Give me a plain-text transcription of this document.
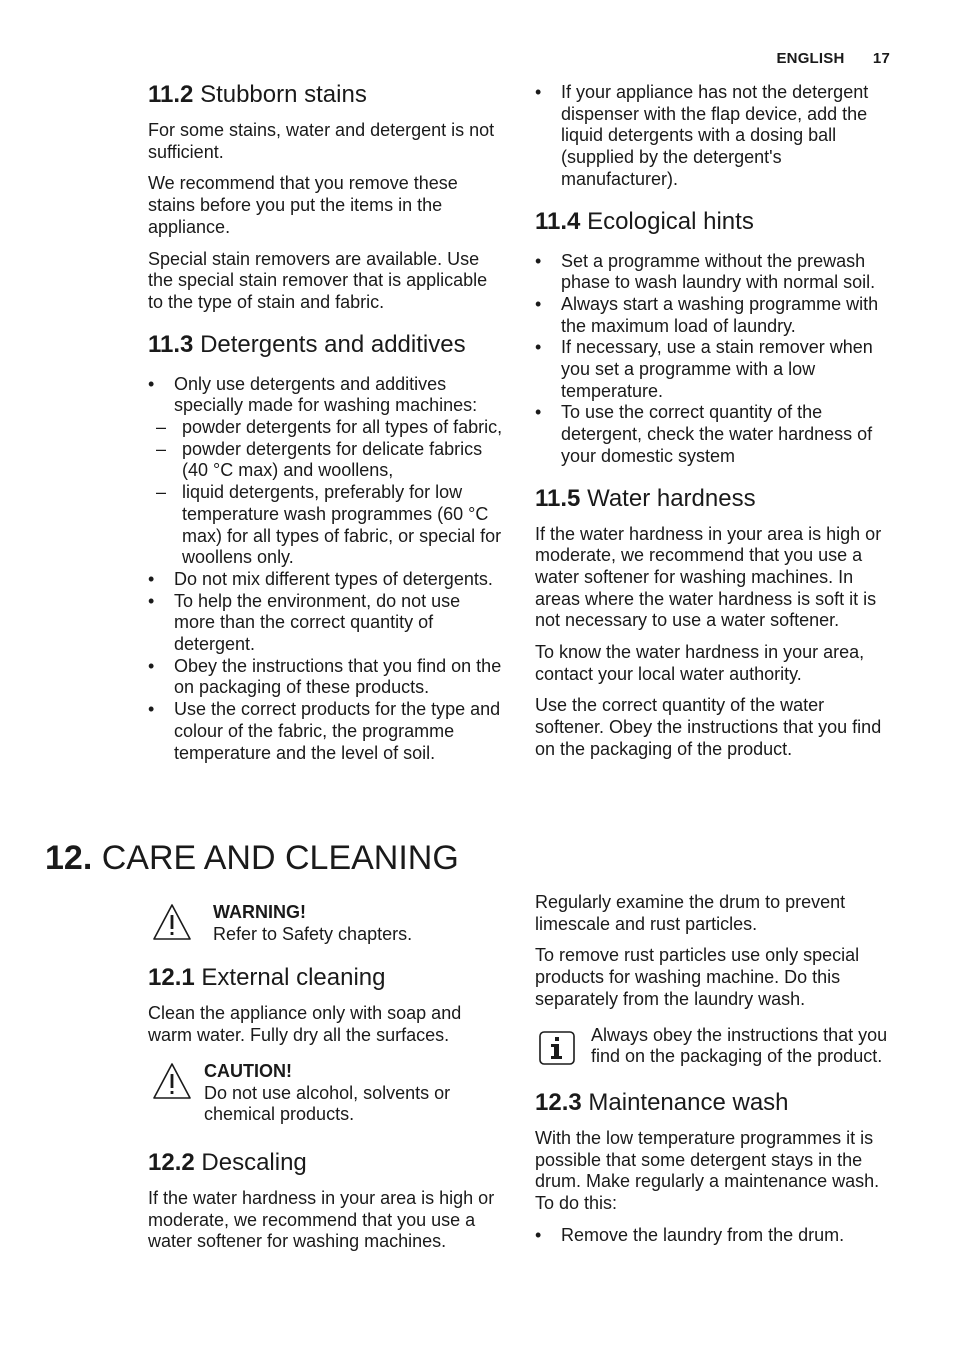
ENGLISH 17
11.2 Stubborn stains

For some stains, water and detergent is not sufficient.

We recommend that you remove these stains before you put the items in the appliance.

Special stain removers are available. Use the special stain remover that is applicable to the type of stain and fabric.

11.3 Detergents and additives
• Only use detergents and additives specially made for washing machines:
– powder detergents for all types of fabric,
– powder detergents for delicate fabrics (40 °C max) and woollens,
– liquid detergents, preferably for low temperature wash programmes (60 °C max) for all types of fabric, or special for woollens only.
• Do not mix different types of detergents.
• To help the environment, do not use more than the correct quantity of detergent.
• Obey the instructions that you find on the on packaging of these products.
• Use the correct products for the type and colour of the fabric, the programme temperature and the level of soil.
• If your appliance has not the detergent dispenser with the flap device, add the liquid detergents with a dosing ball (supplied by the detergent's manufacturer).
11.4 Ecological hints
• Set a programme without the prewash phase to wash laundry with normal soil.
• Always start a washing programme with the maximum load of laundry.
• If necessary, use a stain remover when you set a programme with a low temperature.
• To use the correct quantity of the detergent, check the water hardness of your domestic system
11.5 Water hardness

If the water hardness in your area is high or moderate, we recommend that you use a water softener for washing machines. In areas where the water hardness is soft it is not necessary to use a water softener.

To know the water hardness in your area, contact your local water authority.

Use the correct quantity of the water softener. Obey the instructions that you find on the packaging of the product.

12. CARE AND CLEANING
WARNING!
Refer to Safety chapters.
12.1 External cleaning

Clean the appliance only with soap and warm water. Fully dry all the surfaces.

CAUTION!
Do not use alcohol, solvents or chemical products.
12.2 Descaling

If the water hardness in your area is high or moderate, we recommend that you use a water softener for washing machines.

Regularly examine the drum to prevent limescale and rust particles.

To remove rust particles use only special products for washing machine. Do this separately from the laundry wash.

Always obey the instructions that you find on the packaging of the product.

12.3 Maintenance wash

With the low temperature programmes it is possible that some detergent stays in the drum. Make regularly a maintenance wash. To do this:

• Remove the laundry from the drum.
